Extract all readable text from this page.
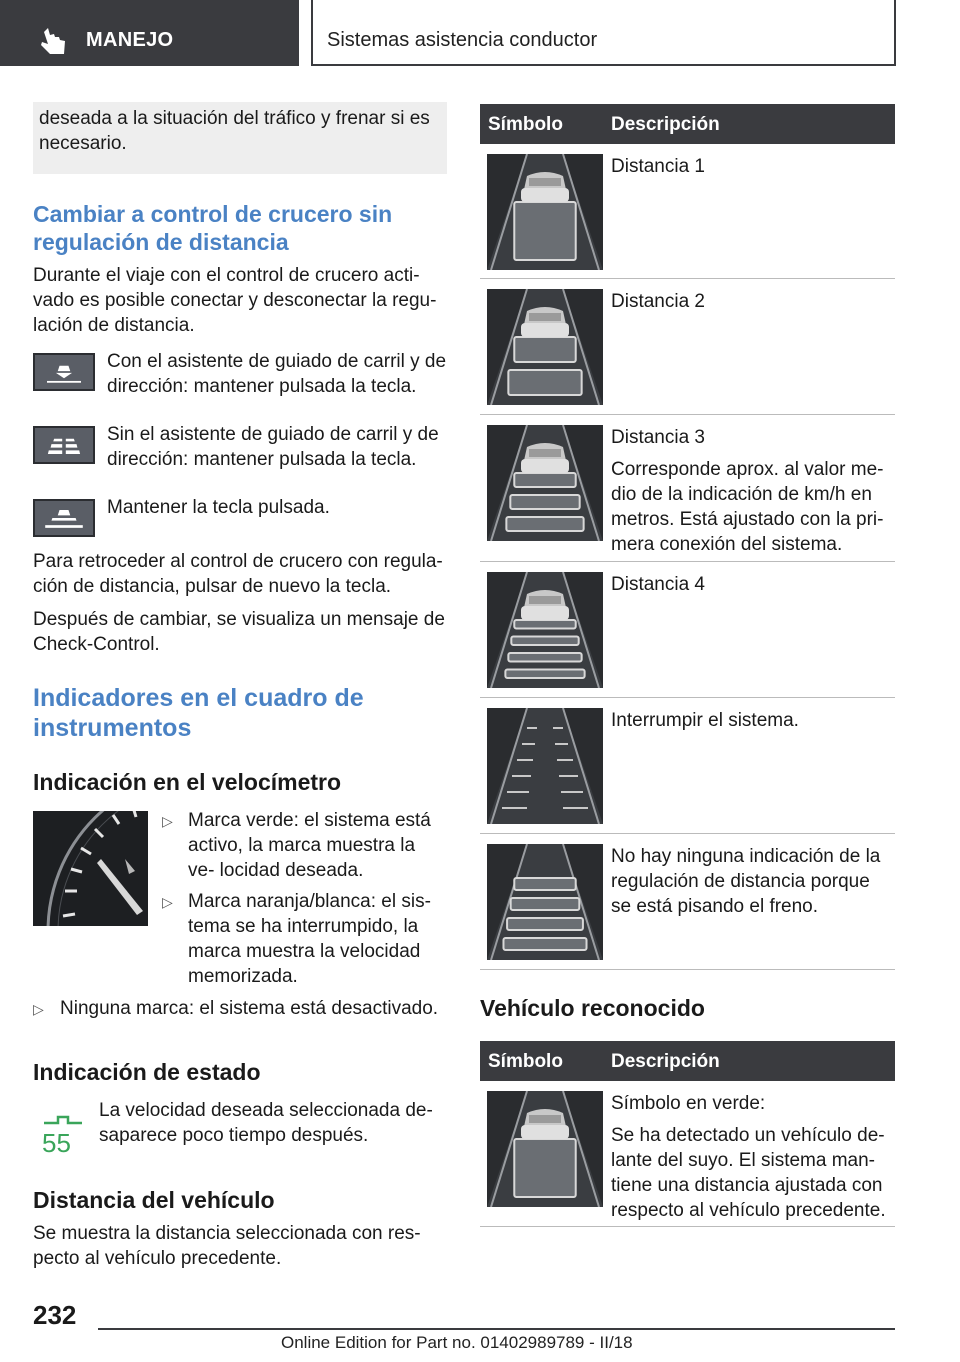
MANEJO	Sistemas asistencia conductor
deseada a la situación del tráfico y frenar si es necesario.
Cambiar a control de crucero sin regulación de distancia

Durante el viaje con el control de crucero acti- vado es posible conectar y desconectar la regu- lación de distancia.

Con el asistente de guiado de carril y de dirección: mantener pulsada la tecla.

Sin el asistente de guiado de carril y de dirección: mantener pulsada la tecla.

Mantener la tecla pulsada.

Para retroceder al control de crucero con regula- ción de distancia, pulsar de nuevo la tecla.

Después de cambiar, se visualiza un mensaje de Check-Control.

Indicadores en el cuadro de instrumentos
Indicación en el velocímetro
▷ Marca verde: el sistema está activo, la marca muestra la ve- locidad deseada.

▷ Marca naranja/blanca: el sis- tema se ha interrumpido, la marca muestra la velocidad memorizada.

▷ Ninguna marca: el sistema está desactivado.

Indicación de estado
55

La velocidad deseada seleccionada de- saparece poco tiempo después.

Distancia del vehículo

Se muestra la distancia seleccionada con res- pecto al vehículo precedente.

Símbolo	Descripción

Distancia 1

Distancia 2

Distancia 3

Corresponde aprox. al valor me- dio de la indicación de km/h en metros. Está ajustado con la pri- mera conexión del sistema.

Distancia 4

Interrumpir el sistema.

No hay ninguna indicación de la regulación de distancia porque se está pisando el freno.

Vehículo reconocido
Símbolo	Descripción

Símbolo en verde:

Se ha detectado un vehículo de- lante del suyo. El sistema man- tiene una distancia ajustada con respecto al vehículo precedente.

232
Online Edition for Part no. 01402989789 - II/18
